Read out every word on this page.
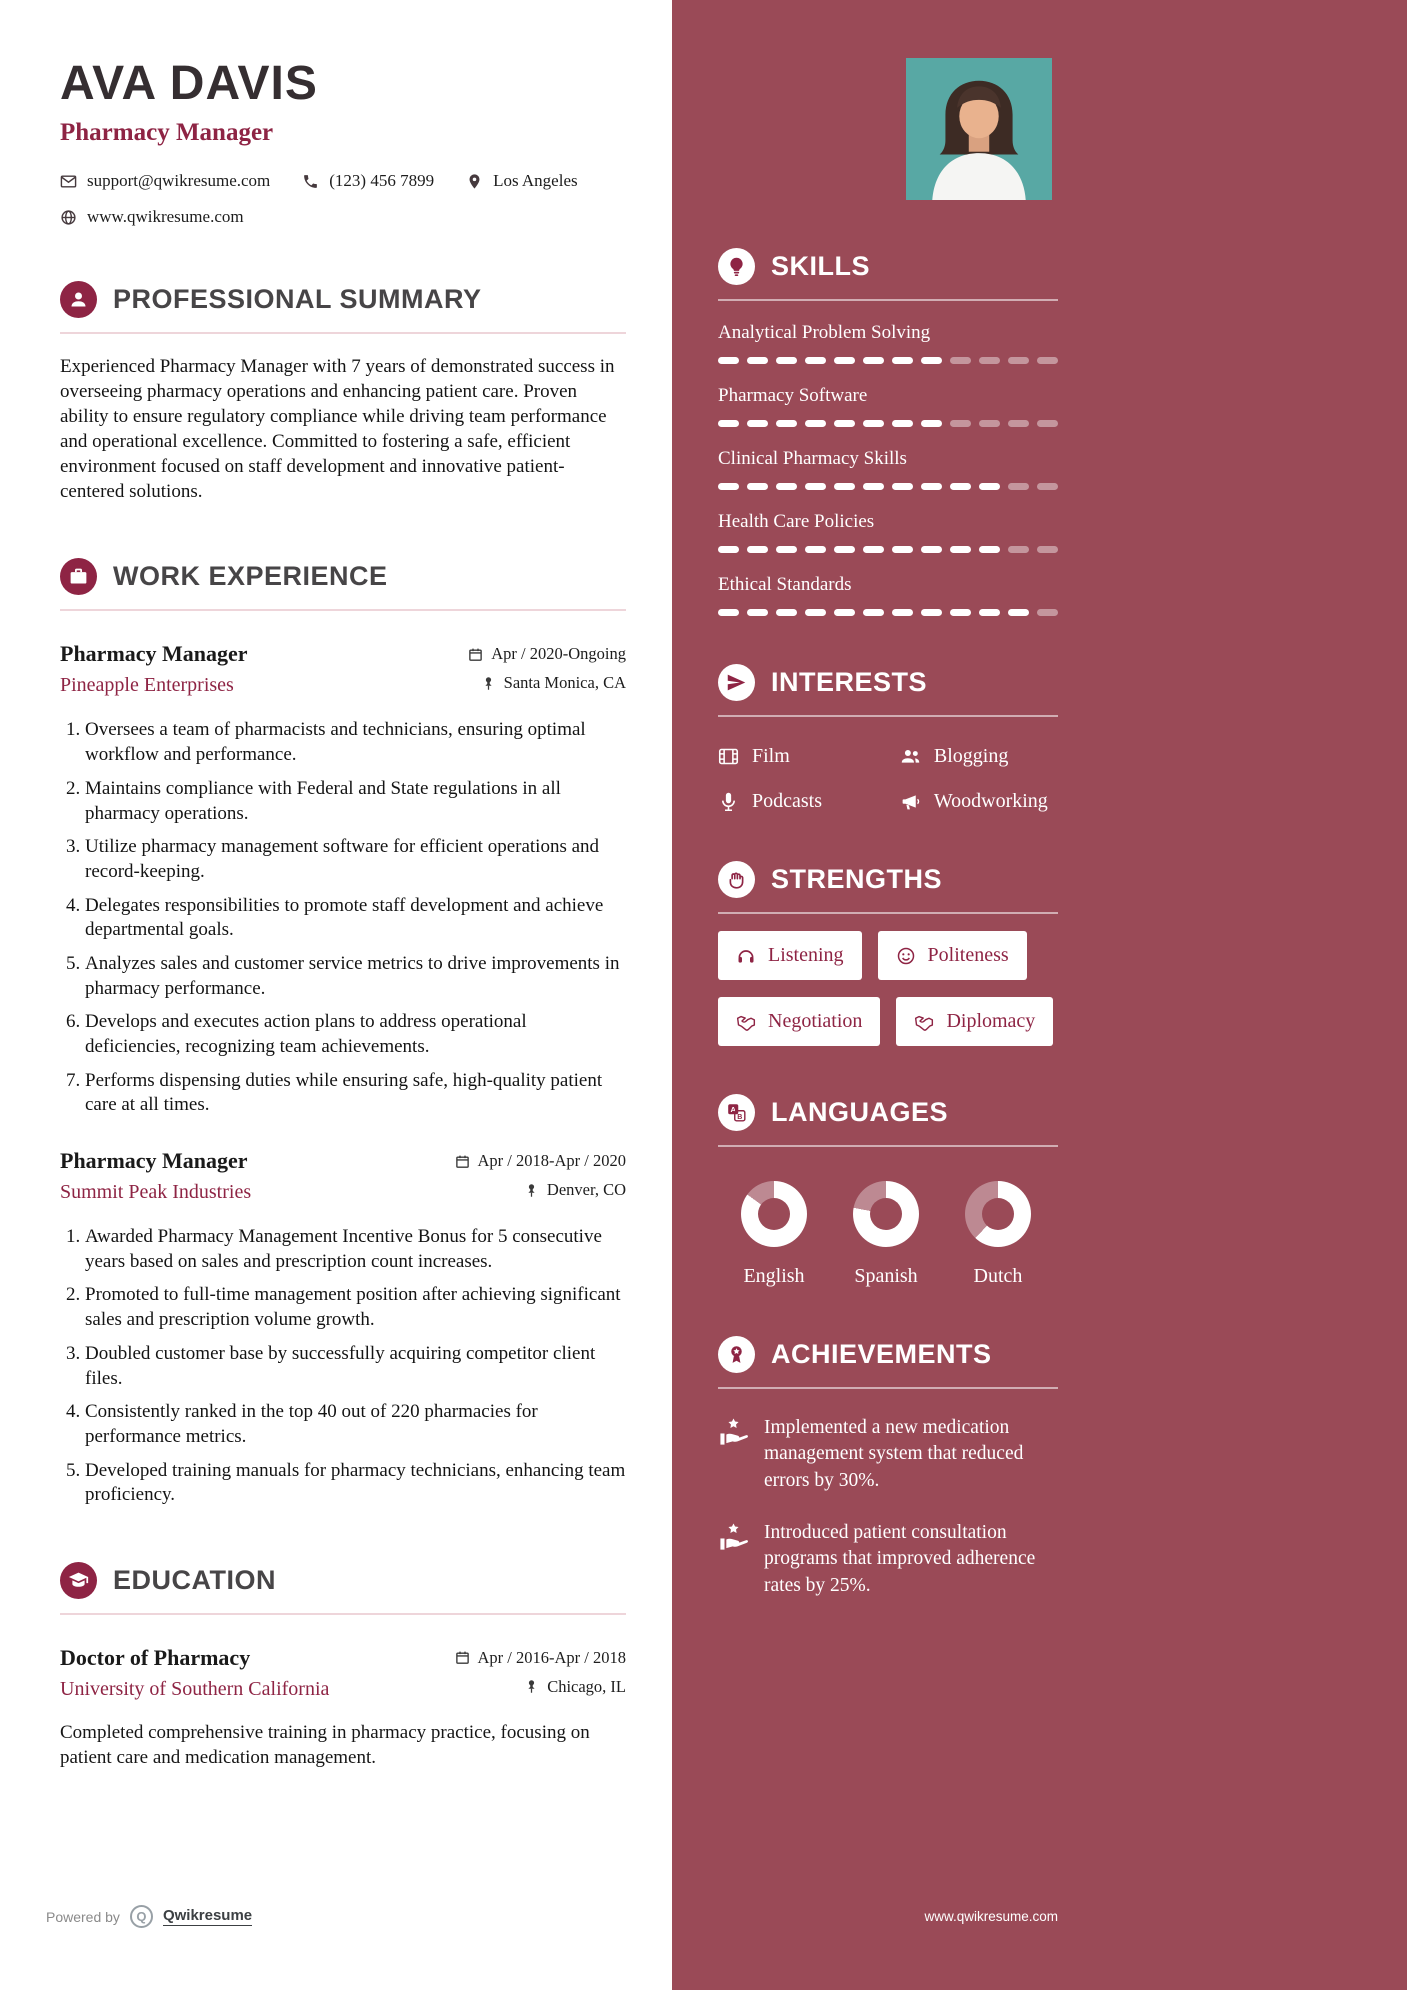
AVA DAVIS
Pharmacy Manager
support@qwikresume.com	(123) 456 7899	Los Angeles
www.qwikresume.com
PROFESSIONAL SUMMARY

Experienced Pharmacy Manager with 7 years of demonstrated success in overseeing pharmacy operations and enhancing patient care. Proven ability to ensure regulatory compliance while driving team performance and operational excellence. Committed to fostering a safe, efficient environment focused on staff development and innovative patient-centered solutions.

WORK EXPERIENCE
Pharmacy Manager
Pineapple Enterprises
Apr / 2020-Ongoing
Santa Monica, CA
1. Oversees a team of pharmacists and technicians, ensuring optimal workflow and performance.
2. Maintains compliance with Federal and State regulations in all pharmacy operations.
3. Utilize pharmacy management software for efficient operations and record-keeping.
4. Delegates responsibilities to promote staff development and achieve departmental goals.
5. Analyzes sales and customer service metrics to drive improvements in pharmacy performance.
6. Develops and executes action plans to address operational deficiencies, recognizing team achievements.
7. Performs dispensing duties while ensuring safe, high-quality patient care at all times.
Pharmacy Manager
Summit Peak Industries
Apr / 2018-Apr / 2020
Denver, CO
1. Awarded Pharmacy Management Incentive Bonus for 5 consecutive years based on sales and prescription count increases.
2. Promoted to full-time management position after achieving significant sales and prescription volume growth.
3. Doubled customer base by successfully acquiring competitor client files.
4. Consistently ranked in the top 40 out of 220 pharmacies for performance metrics.
5. Developed training manuals for pharmacy technicians, enhancing team proficiency.
EDUCATION
Doctor of Pharmacy
University of Southern California
Apr / 2016-Apr / 2018
Chicago, IL

Completed comprehensive training in pharmacy practice, focusing on patient care and medication management.

Powered by	Q	Qwikresume
SKILLS
Analytical Problem Solving
Pharmacy Software
Clinical Pharmacy Skills
Health Care Policies
Ethical Standards
INTERESTS
Film	Blogging
Podcasts	Woodworking
STRENGTHS
Listening	Politeness
Negotiation	Diplomacy
A
B LANGUAGES
English Spanish	Dutch
ACHIEVEMENTS

Implemented a new medication management system that reduced errors by 30%.

Introduced patient consultation programs that improved adherence rates by 25%.

www.qwikresume.com
